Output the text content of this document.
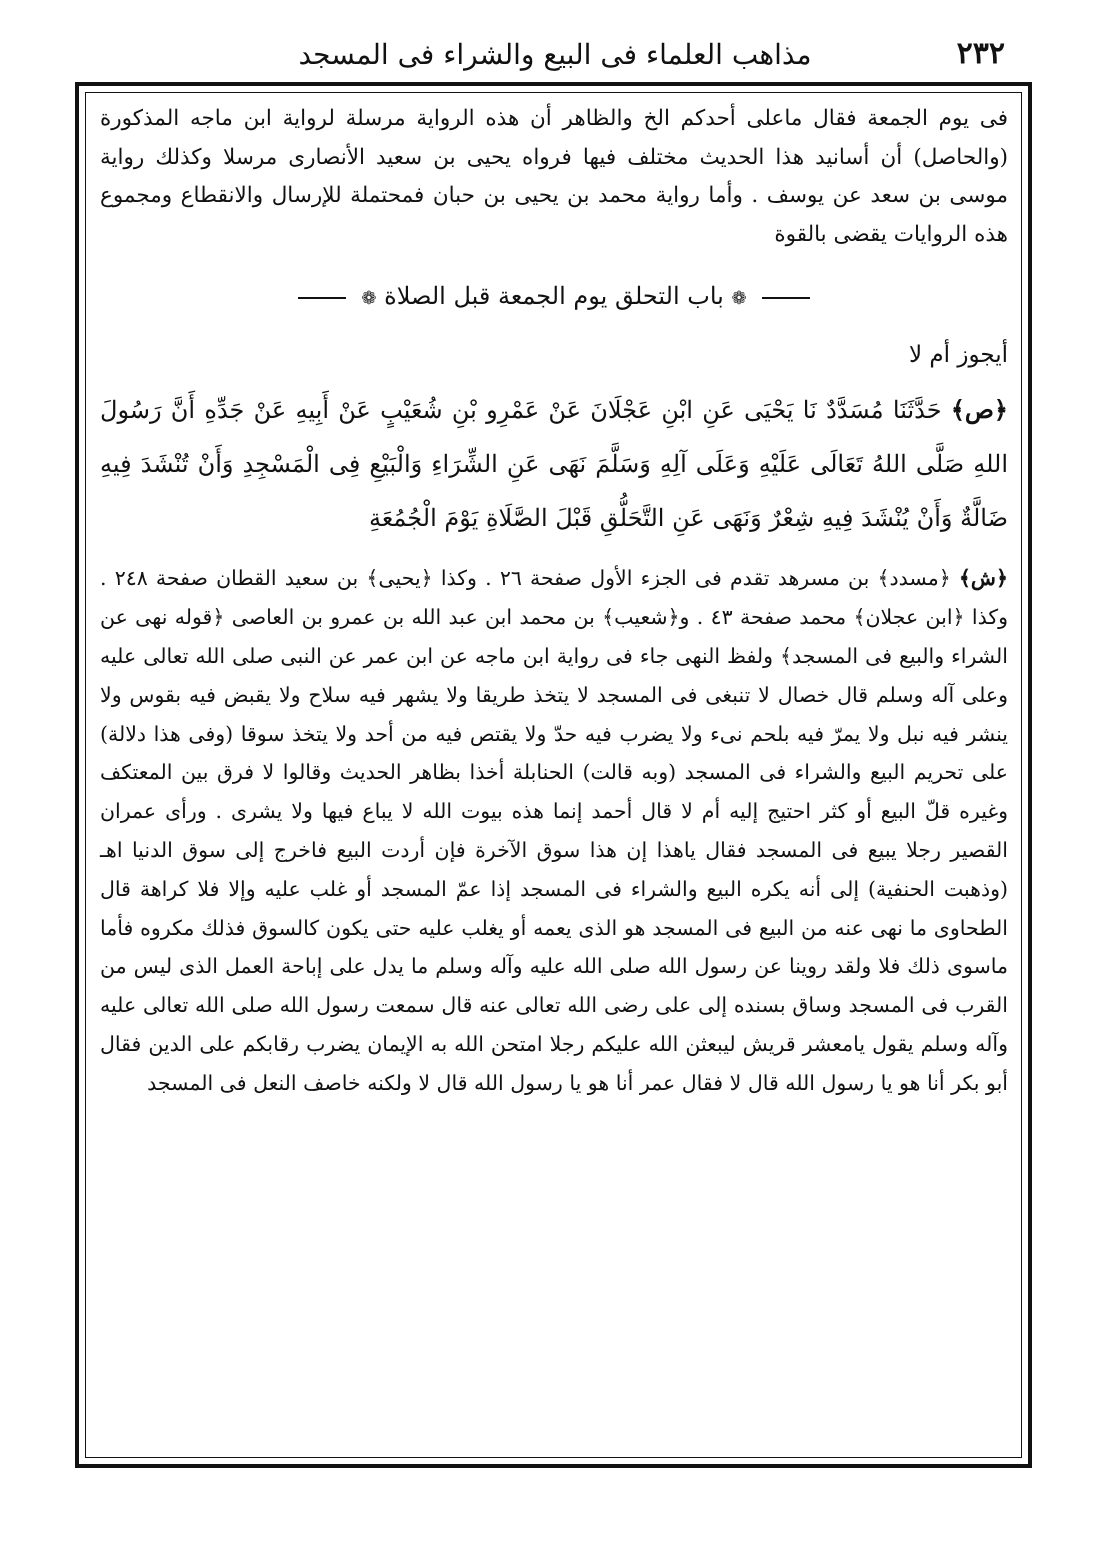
٢٣٢
مذاهب العلماء فى البيع والشراء فى المسجد

فى يوم الجمعة فقال ماعلى أحدكم الخ والظاهر أن هذه الرواية مرسلة لرواية ابن ماجه المذكورة (والحاصل) أن أسانيد هذا الحديث مختلف فيها فرواه يحيى بن سعيد الأنصارى مرسلا وكذلك رواية موسى بن سعد عن يوسف . وأما رواية محمد بن يحيى بن حبان فمحتملة للإرسال والانقطاع ومجموع هذه الروايات يقضى بالقوة

❁ باب التحلق يوم الجمعة قبل الصلاة ❁

أيجوز أم لا

﴿ص﴾ حَدَّثَنَا مُسَدَّدٌ نَا يَحْيَى عَنِ ابْنِ عَجْلَانَ عَنْ عَمْرِو بْنِ شُعَيْبٍ عَنْ أَبِيهِ عَنْ جَدِّهِ أَنَّ رَسُولَ اللهِ صَلَّى اللهُ تَعَالَى عَلَيْهِ وَعَلَى آلِهِ وَسَلَّمَ نَهَى عَنِ الشِّرَاءِ وَالْبَيْعِ فِى الْمَسْجِدِ وَأَنْ تُنْشَدَ فِيهِ ضَالَّةٌ وَأَنْ يُنْشَدَ فِيهِ شِعْرٌ وَنَهَى عَنِ التَّحَلُّقِ قَبْلَ الصَّلَاةِ يَوْمَ الْجُمُعَةِ

﴿ش﴾ ﴿مسدد﴾ بن مسرهد تقدم فى الجزء الأول صفحة ٢٦ . وكذا ﴿يحيى﴾ بن سعيد القطان صفحة ٢٤٨ . وكذا ﴿ابن عجلان﴾ محمد صفحة ٤٣ . و﴿شعيب﴾ بن محمد ابن عبد الله بن عمرو بن العاصى ﴿قوله نهى عن الشراء والبيع فى المسجد﴾ ولفظ النهى جاء فى رواية ابن ماجه عن ابن عمر عن النبى صلى الله تعالى عليه وعلى آله وسلم قال خصال لا تنبغى فى المسجد لا يتخذ طريقا ولا يشهر فيه سلاح ولا يقبض فيه بقوس ولا ينشر فيه نبل ولا يمرّ فيه بلحم نىء ولا يضرب فيه حدّ ولا يقتص فيه من أحد ولا يتخذ سوقا (وفى هذا دلالة) على تحريم البيع والشراء فى المسجد (وبه قالت) الحنابلة أخذا بظاهر الحديث وقالوا لا فرق بين المعتكف وغيره قلّ البيع أو كثر احتيج إليه أم لا قال أحمد إنما هذه بيوت الله لا يباع فيها ولا يشرى . ورأى عمران القصير رجلا يبيع فى المسجد فقال ياهذا إن هذا سوق الآخرة فإن أردت البيع فاخرج إلى سوق الدنيا اهـ (وذهبت الحنفية) إلى أنه يكره البيع والشراء فى المسجد إذا عمّ المسجد أو غلب عليه وإلا فلا كراهة قال الطحاوى ما نهى عنه من البيع فى المسجد هو الذى يعمه أو يغلب عليه حتى يكون كالسوق فذلك مكروه فأما ماسوى ذلك فلا ولقد روينا عن رسول الله صلى الله عليه وآله وسلم ما يدل على إباحة العمل الذى ليس من القرب فى المسجد وساق بسنده إلى على رضى الله تعالى عنه قال سمعت رسول الله صلى الله تعالى عليه وآله وسلم يقول يامعشر قريش ليبعثن الله عليكم رجلا امتحن الله به الإيمان يضرب رقابكم على الدين فقال أبو بكر أنا هو يا رسول الله قال لا فقال عمر أنا هو يا رسول الله قال لا ولكنه خاصف النعل فى المسجد
